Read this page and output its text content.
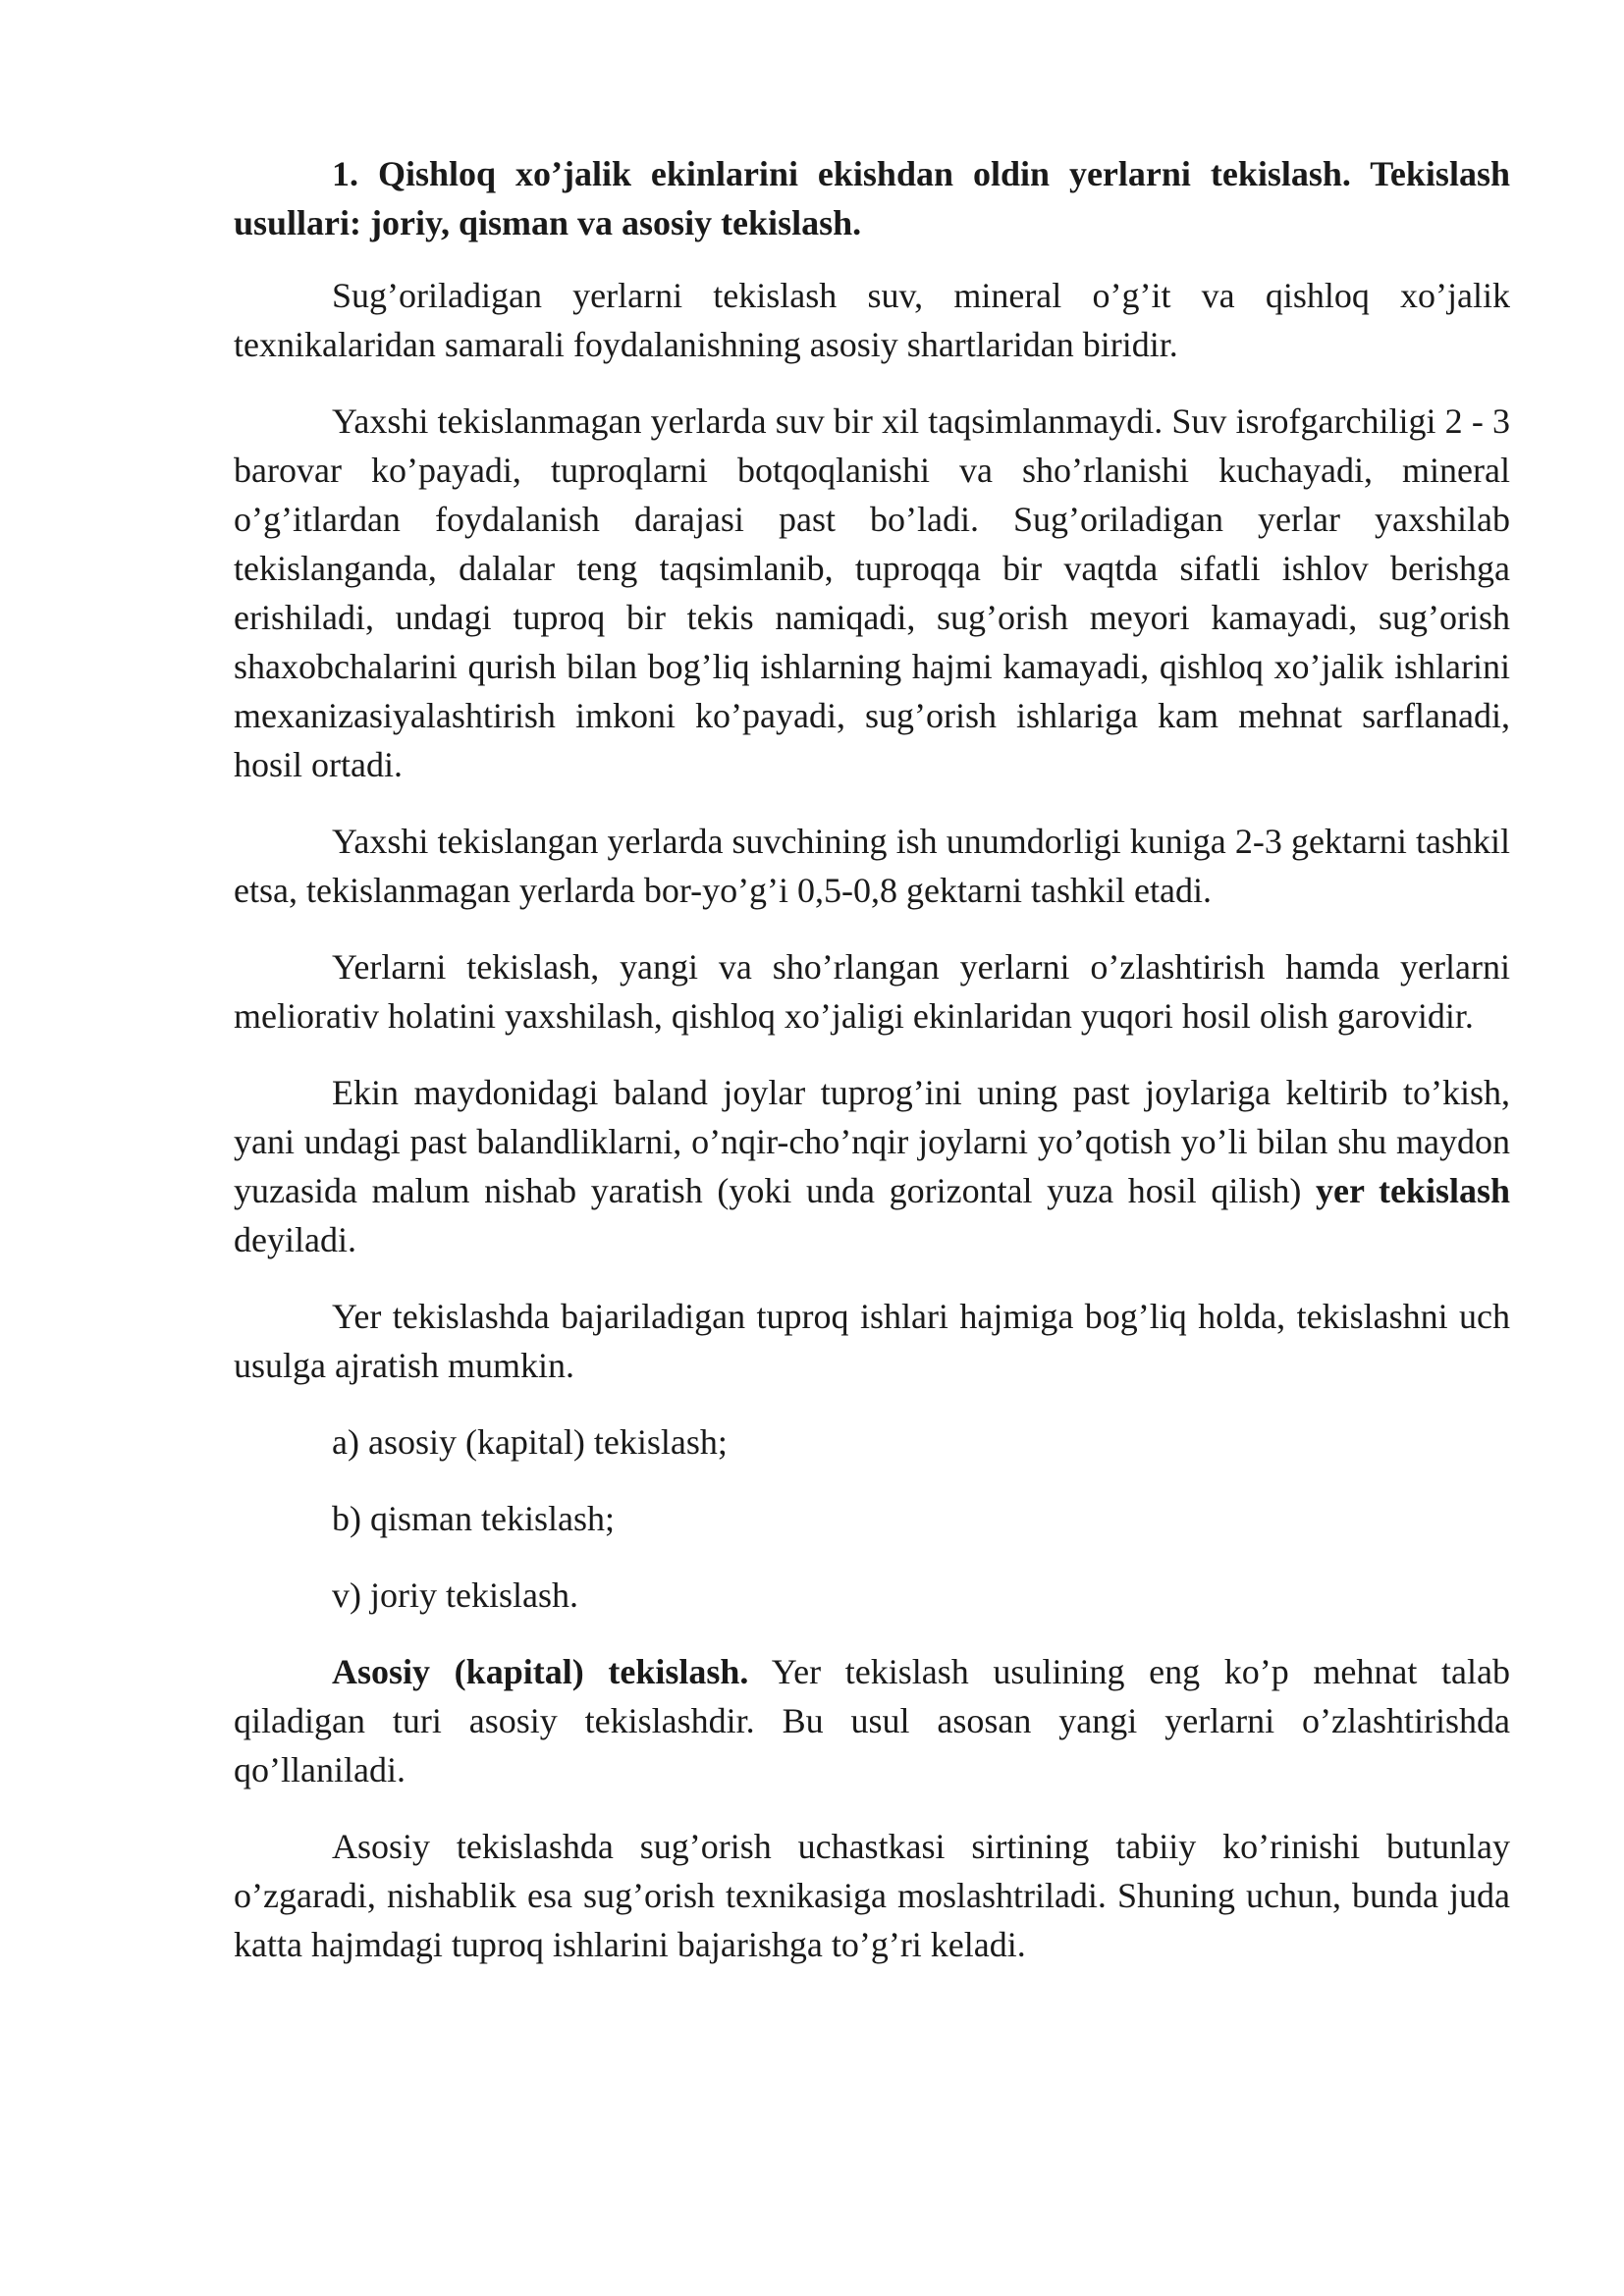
1. Qishloq xo’jalik ekinlarini ekishdan oldin yerlarni tekislash. Tekislash usullari: joriy, qisman va asosiy tekislash.

Sug’oriladigan yerlarni tekislash suv, mineral o’g’it va qishloq xo’jalik texnikalaridan samarali foydalanishning asosiy shartlaridan biridir.

Yaxshi tekislanmagan yerlarda suv bir xil taqsimlanmaydi. Suv isrofgarchiligi 2 - 3 barovar ko’payadi, tuproqlarni botqoqlanishi va sho’rlanishi kuchayadi, mineral o’g’itlardan foydalanish darajasi past bo’ladi. Sug’oriladigan yerlar yaxshilab tekislanganda, dalalar teng taqsimlanib, tuproqqa bir vaqtda sifatli ishlov berishga erishiladi, undagi tuproq bir tekis namiqadi, sug’orish meyori kamayadi, sug’orish shaxobchalarini qurish bilan bog’liq ishlarning hajmi kamayadi, qishloq xo’jalik ishlarini mexanizasiyalashtirish imkoni ko’payadi, sug’orish ishlariga kam mehnat sarflanadi, hosil ortadi.

Yaxshi tekislangan yerlarda suvchining ish unumdorligi kuniga 2-3 gektarni tashkil etsa, tekislanmagan yerlarda bor-yo’g’i 0,5-0,8 gektarni tashkil etadi.

Yerlarni tekislash, yangi va sho’rlangan yerlarni o’zlashtirish hamda yerlarni meliorativ holatini yaxshilash, qishloq xo’jaligi ekinlaridan yuqori hosil olish garovidir.

Ekin maydonidagi baland joylar tuprog’ini uning past joylariga keltirib to’kish, yani undagi past balandliklarni, o’nqir-cho’nqir joylarni yo’qotish yo’li bilan shu maydon yuzasida malum nishab yaratish (yoki unda gorizontal yuza hosil qilish) yer tekislash deyiladi.

Yer tekislashda bajariladigan tuproq ishlari hajmiga bog’liq holda, tekislashni uch usulga ajratish mumkin.

a) asosiy (kapital) tekislash;

b) qisman tekislash;

v) joriy tekislash.

Asosiy (kapital) tekislash. Yer tekislash usulining eng ko’p mehnat talab qiladigan turi asosiy tekislashdir. Bu usul asosan yangi yerlarni o’zlashtirishda qo’llaniladi.

Asosiy tekislashda sug’orish uchastkasi sirtining tabiiy ko’rinishi butunlay o’zgaradi, nishablik esa sug’orish texnikasiga moslashtriladi. Shuning uchun, bunda juda katta hajmdagi tuproq ishlarini bajarishga to’g’ri keladi.
